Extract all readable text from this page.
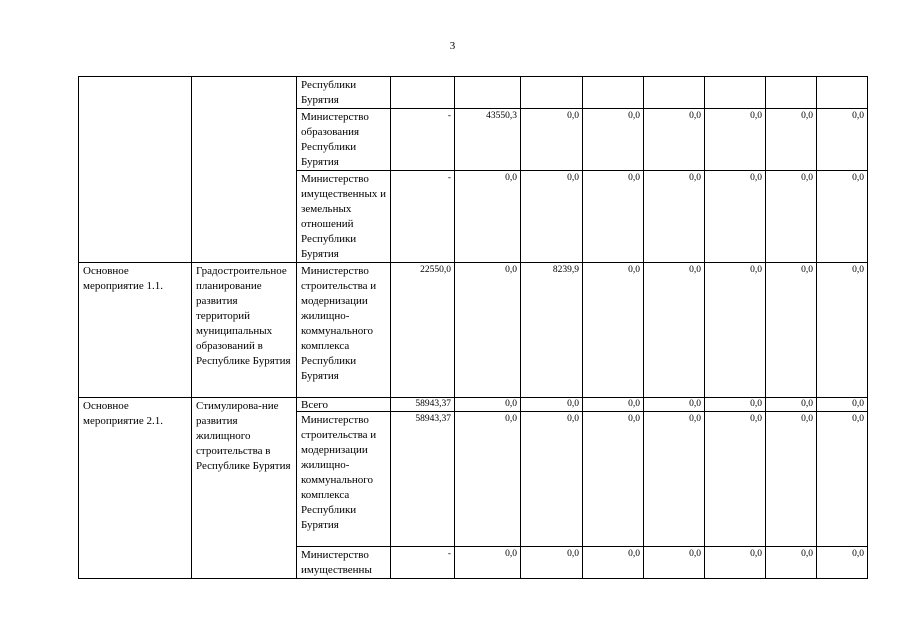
3
		Республики Бурятия								
		Министерство образования Республики Бурятия	-	43550,3	0,0	0,0	0,0	0,0	0,0	0,0
		Министерство имущественных и земельных отношений Республики Бурятия	-	0,0	0,0	0,0	0,0	0,0	0,0	0,0
Основное мероприятие 1.1.	Градостроительное планирование развития территорий муниципальных образований в Республике Бурятия	Министерство строительства и модернизации жилищно-коммунального комплекса Республики Бурятия	22550,0	0,0	8239,9	0,0	0,0	0,0	0,0	0,0
Основное мероприятие 2.1.	Стимулирова-ние развития жилищного строительства в Республике Бурятия	Всего	58943,37	0,0	0,0	0,0	0,0	0,0	0,0	0,0
		Министерство строительства и модернизации жилищно-коммунального комплекса Республики Бурятия	58943,37	0,0	0,0	0,0	0,0	0,0	0,0	0,0
		Министерство имущественны	-	0,0	0,0	0,0	0,0	0,0	0,0	0,0
